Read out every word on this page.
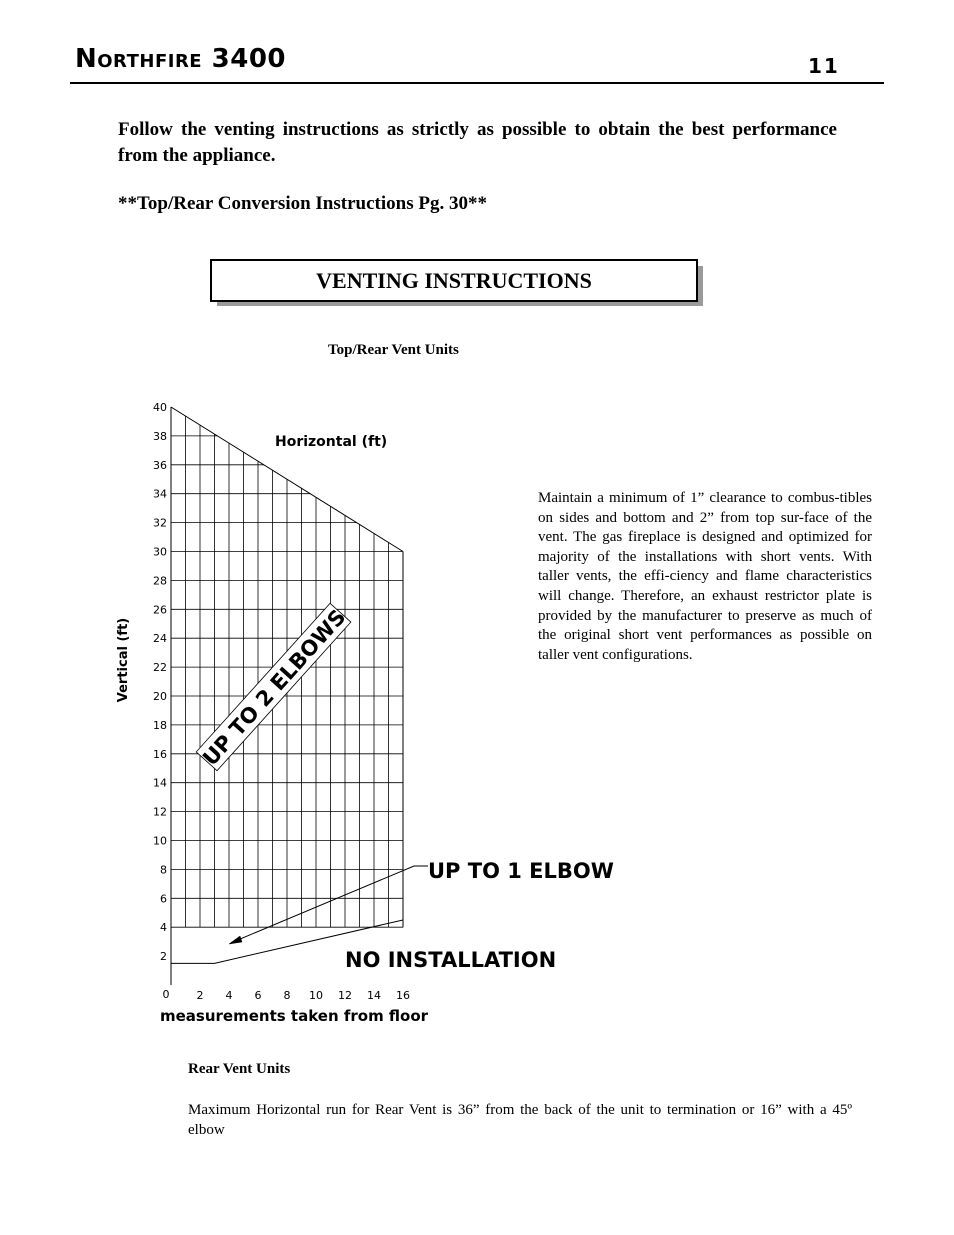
Northfire 3400	11
Follow the venting instructions as strictly as possible to obtain the best performance from the appliance.
**Top/Rear Conversion Instructions Pg. 30**
VENTING INSTRUCTIONS
Top/Rear Vent Units
2
4
6
8
10
12
14
16
18
20
22
24
26
28
30
32
34
36
38
40
0 2 4 6 8 10 12 14 16
Horizontal (ft)
Vertical (ft)
measurements taken from floor
UP TO 2 ELBOWS
UP TO 1 ELBOW
NO INSTALLATION
Maintain a minimum of 1” clearance to combus-tibles on sides and bottom and 2” from top sur-face of the vent. The gas fireplace is designed and optimized for majority of the installations with short vents. With taller vents, the effi-ciency and flame characteristics will change. Therefore, an exhaust restrictor plate is provided by the manufacturer to preserve as much of the original short vent performances as possible on taller vent configurations.
Rear Vent Units
Maximum Horizontal run for Rear Vent is 36” from the back of the unit to termination or 16” with a 45º elbow
